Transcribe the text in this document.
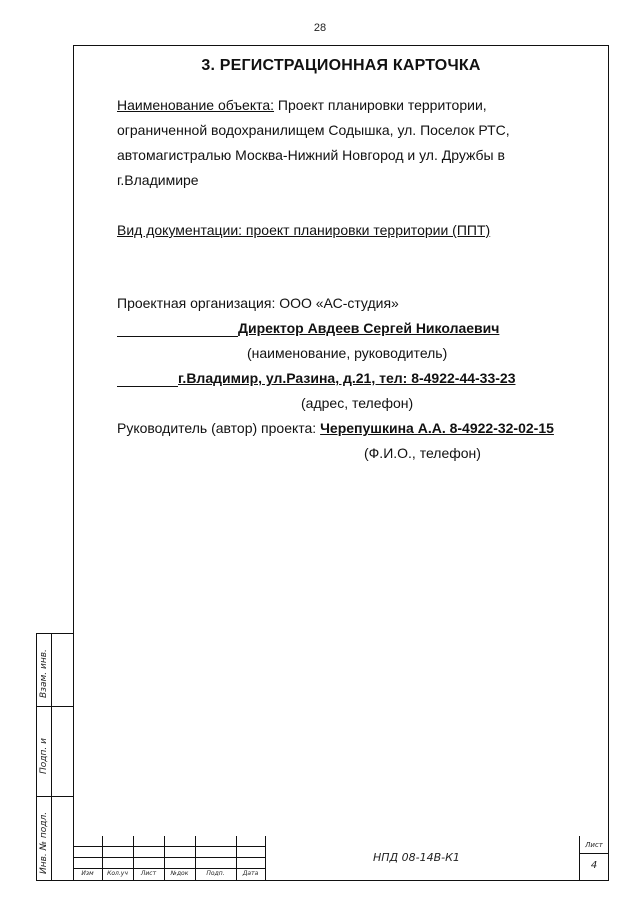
28
3. РЕГИСТРАЦИОННАЯ КАРТОЧКА
Наименование объекта: Проект планировки территории,
ограниченной водохранилищем Содышка, ул. Поселок РТС,
автомагистралью Москва-Нижний Новгород и ул. Дружбы в
г.Владимире
Вид документации: проект планировки территории (ППТ)
Проектная организация: ООО «АС-студия»
Директор Авдеев Сергей Николаевич
(наименование, руководитель)
г.Владимир, ул.Разина, д.21, тел: 8-4922-44-33-23
(адрес, телефон)
Руководитель (автор) проекта: Черепушкина А.А. 8-4922-32-02-15
(Ф.И.О., телефон)
Взам. инв.
Подп. и
Инв. № подл.	Изм	Кол.уч	Лист	№док	Подп.	Дата
НПД 08-14В-К1
Лист
4
